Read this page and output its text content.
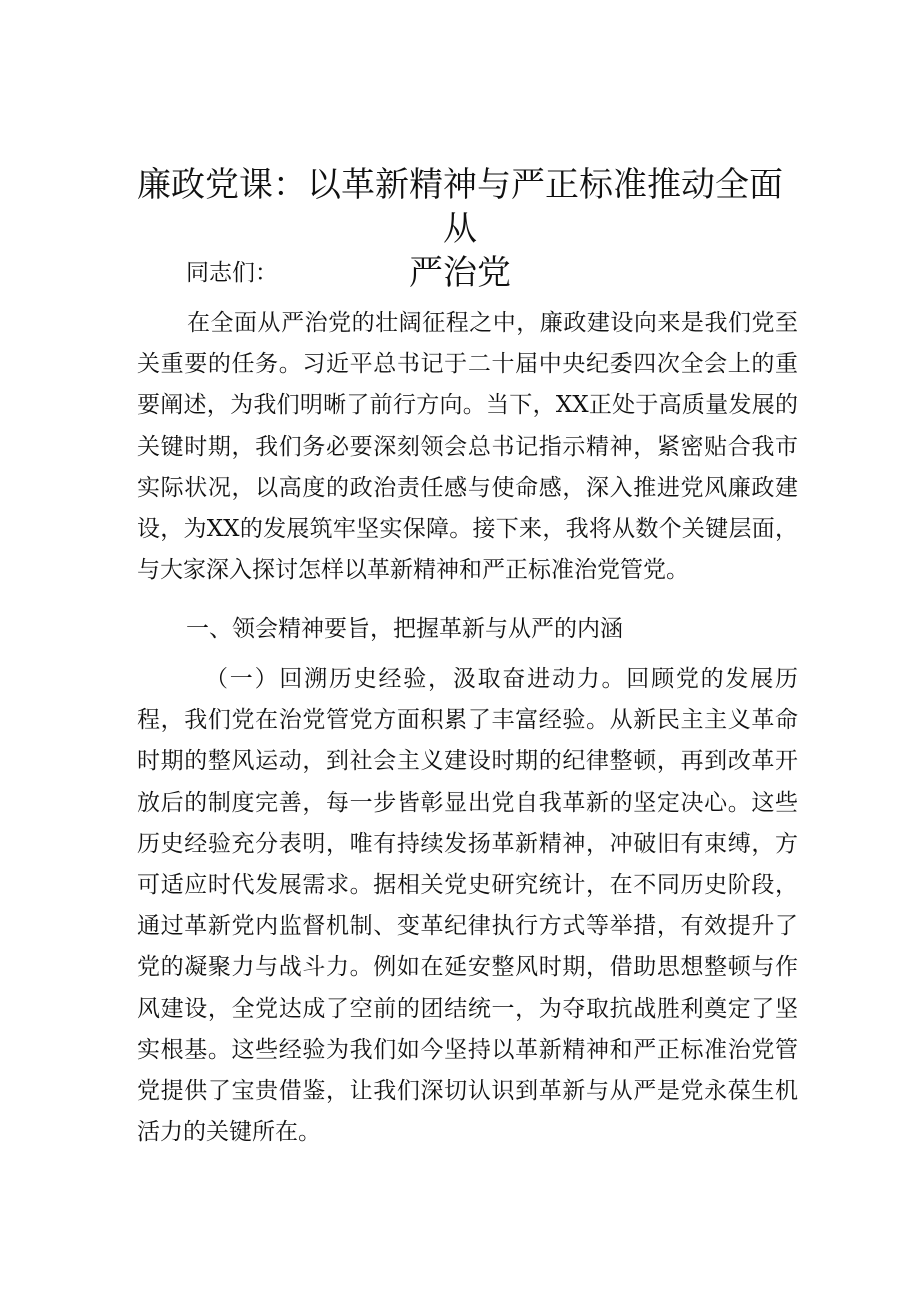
廉政党课：以革新精神与严正标准推动全面从
严治党
同志们：

在全面从严治党的壮阔征程之中，廉政建设向来是我们党至关重要的任务。习近平总书记于二十届中央纪委四次全会上的重要阐述，为我们明晰了前行方向。当下，XX正处于高质量发展的关键时期，我们务必要深刻领会总书记指示精神，紧密贴合我市实际状况，以高度的政治责任感与使命感，深入推进党风廉政建设，为XX的发展筑牢坚实保障。接下来，我将从数个关键层面，与大家深入探讨怎样以革新精神和严正标准治党管党。

一、领会精神要旨，把握革新与从严的内涵

（一）回溯历史经验，汲取奋进动力。回顾党的发展历程，我们党在治党管党方面积累了丰富经验。从新民主主义革命时期的整风运动，到社会主义建设时期的纪律整顿，再到改革开放后的制度完善，每一步皆彰显出党自我革新的坚定决心。这些历史经验充分表明，唯有持续发扬革新精神，冲破旧有束缚，方可适应时代发展需求。据相关党史研究统计，在不同历史阶段，通过革新党内监督机制、变革纪律执行方式等举措，有效提升了党的凝聚力与战斗力。例如在延安整风时期，借助思想整顿与作风建设，全党达成了空前的团结统一，为夺取抗战胜利奠定了坚实根基。这些经验为我们如今坚持以革新精神和严正标准治党管党提供了宝贵借鉴，让我们深切认识到革新与从严是党永葆生机活力的关键所在。
